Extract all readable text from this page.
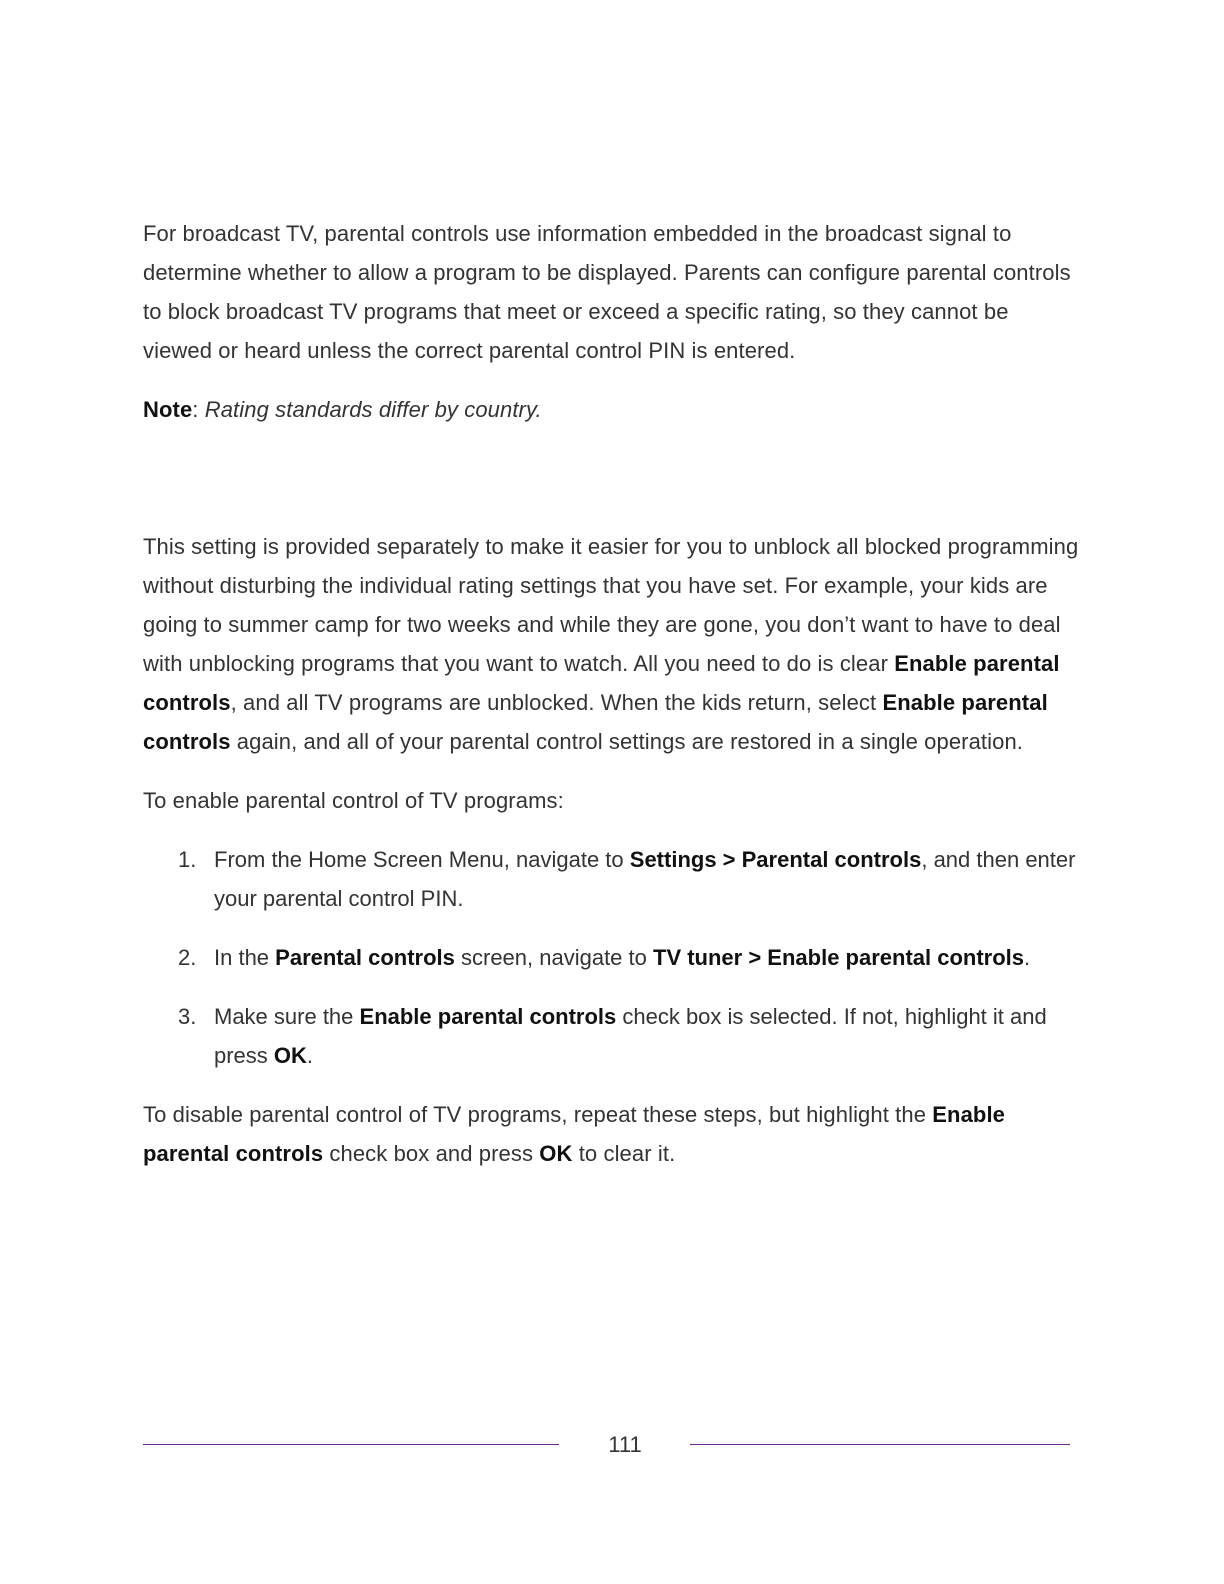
For broadcast TV, parental controls use information embedded in the broadcast signal to determine whether to allow a program to be displayed. Parents can configure parental controls to block broadcast TV programs that meet or exceed a specific rating, so they cannot be viewed or heard unless the correct parental control PIN is entered.

Note: Rating standards differ by country.

This setting is provided separately to make it easier for you to unblock all blocked programming without disturbing the individual rating settings that you have set. For example, your kids are going to summer camp for two weeks and while they are gone, you don’t want to have to deal with unblocking programs that you want to watch. All you need to do is clear Enable parental controls, and all TV programs are unblocked. When the kids return, select Enable parental controls again, and all of your parental control settings are restored in a single operation.

To enable parental control of TV programs:

1. From the Home Screen Menu, navigate to Settings > Parental controls, and then enter your parental control PIN.
2. In the Parental controls screen, navigate to TV tuner > Enable parental controls.
3. Make sure the Enable parental controls check box is selected. If not, highlight it and press OK.

To disable parental control of TV programs, repeat these steps, but highlight the Enable parental controls check box and press OK to clear it.

111
